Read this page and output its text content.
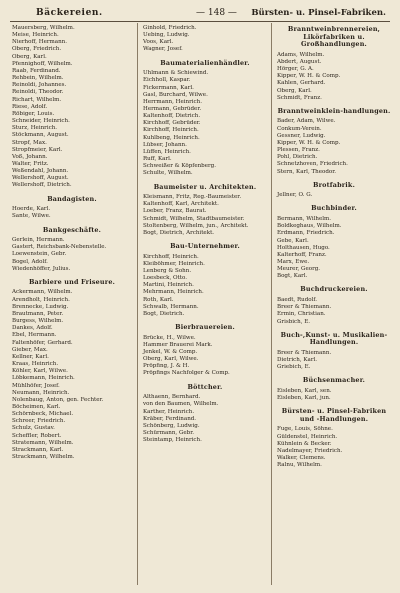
Bäckereien.	— 148 — Bürsten- u. Pinsel-Fabriken.
Mauersberg, Wilhelm.
Meise, Heinrich.
Nierhoff, Hermann.
Oberg, Friedrich.
Oberg, Karl.
Pfennighoff, Wilhelm.
Raab, Ferdinand.
Rehbein, Wilhelm.
Reinoldi, Johannes.
Reinoldi, Theodor.
Richart, Wilhelm.
Riese, Adolf.
Röbiger, Louis.
Schneider, Heinrich.
Sturz, Heinrich.
Stöckmann, August.
Stropf, Max.
Stropfmeier, Karl.
Voß, Johann.
Walter, Fritz.
Weßendahl, Johann.
Wellershoff, August.
Wellershoff, Dietrich.
Bandagisten.
Hoerde, Karl.
Sante, Wilwe.
Bankgeschäfte.
Gerlein, Hermann.
Gastert, Reichsbank-Nebenstelle.
Loewenstein, Gebr.
Bogel, Adolf.
Wiedenhöffer, Julius.
Barbiere und Friseure.
Ackermann, Wilhelm.
Arendholt, Heinrich.
Brennecke, Ludwig.
Brautmann, Peter.
Burgess, Wilhelm.
Dankes, Adolf.
Ebel, Hermann.
Faltenhöfer, Gerhard.
Gieber, Max.
Kellner, Karl.
Kraas, Heinrich.
Köhler, Karl, Wilwe.
Löbkemann, Heinrich.
Mühlhöfer, Josef.
Neumann, Heinrich.
Nolenbaug, Anton, gen. Fechter.
Böcheimen, Karl.
Schörnbeck, Michael.
Schreer, Friedrich.
Schulz, Gustav.
Scheffler, Robert.
Stratemann, Wilhelm.
Strackmann, Karl.
Strackmann, Wilhelm.
Ginhold, Friedrich.
Uebing, Ludwig.
Voos, Karl.
Wagner, Josef.
Baumaterialienhändler.
Uhlmann & Schiewind.
Eichholl, Kaspar.
Fickermann, Karl.
Gasl, Burchard, Wilwe.
Herrmann, Heinrich.
Hermann, Gebrüder.
Kaltenhoff, Dietrich.
Kirchhoff, Gebrüder.
Kirchhoff, Heinrich.
Kuhlbeng, Heinrich.
Lübser, Johann.
Lüffen, Heinrich.
Ruff, Karl.
Schweißer & Köpfenberg.
Schulte, Wilhelm.
Baumeister u. Architekten.
Kleismann, Fritz, Reg.-Baumeister.
Kaltenhoff, Karl, Architekt.
Loeber, Franz, Baurat.
Schmidt, Wilhelm, Stadtbaumeister.
Stoltenberg, Wilhelm, jun., Architekt.
Bogt, Dietrich, Architekt.
Bau-Unternehmer.
Kirchhoff, Heinrich.
Kleiböhmer, Heinrich.
Lenberg & Sohn.
Loesbeck, Otto.
Martini, Heinrich.
Mehrmann, Heinrich.
Roth, Karl.
Schwalb, Hermann.
Bogt, Dietrich.
Bierbrauereien.
Brücke, H., Wilwe.
Hammer Brauerei Mark.
Jenkel, W. & Comp.
Oberg, Karl, Wilwe.
Pröpfing, J. & H.
Pröpfings Nachfolger & Comp.
Böttcher.
Althaenn, Bernhard.
von den Baumen, Wilhelm.
Karther, Heinrich.
Kräber, Ferdinand.
Schönberg, Ludwig.
Schürmann, Gebr.
Steintamp, Heinrich.
Branntweinbrennereien, Likörfabriken u. Großhandlungen.
Adams, Wilhelm.
Abdert, August.
Hörger, G. A.
Kipper, W. H. & Comp.
Kahlen, Gerhard.
Oberg, Karl.
Schmidt, Franz.
Branntweinklein-handlungen.
Bader, Adam, Wilwe.
Conkum-Verein.
Gessner, Ludwig.
Kipper, W. H. & Comp.
Plessen, Franz.
Pohl, Dietrich.
Schnetzhoven, Friedrich.
Stern, Karl, Theodor.
Brotfabrik.
Jellner, O. G.
Buchbinder.
Bermann, Wilhelm.
Boldkeghaus, Wilhelm.
Erdmann, Friedrich.
Gebe, Karl.
Holthausen, Hugo.
Kalterhoff, Franz.
Marx, Ewe.
Meurer, Georg.
Bogt, Karl.
Buchdruckereien.
Baedt, Rudolf.
Breer & Thiemann.
Ermin, Christian.
Grisbich, E.
Buch-,Kunst- u. Musikalien-Handlungen.
Breer & Thiemann.
Dietrich, Karl.
Griebich, E.
Büchsenmacher.
Eisleben, Karl, sen.
Eisleben, Karl, jun.
Bürsten- u. Pinsel-Fabriken und -Handlungen.
Fuge, Louis, Söhne.
Güldenstel, Heinrich.
Kühnlein & Becker.
Nadelmayer, Friedrich.
Walker, Clemens.
Ralnu, Wilhelm.
